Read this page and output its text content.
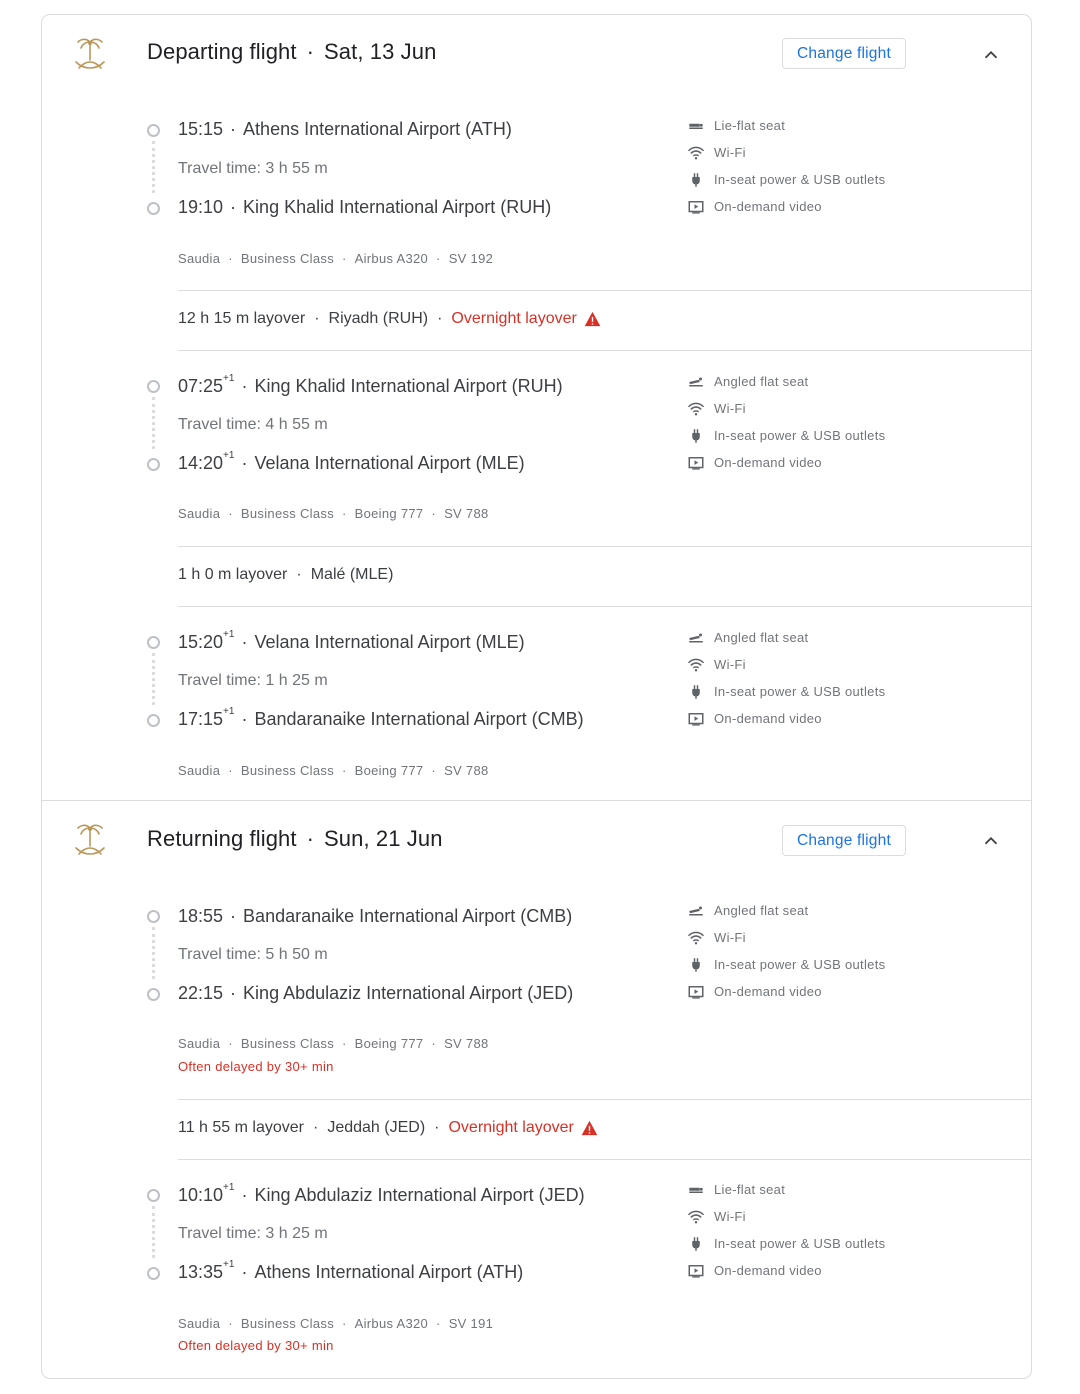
Departing flight · Sat, 13 Jun	Change flight
15:15 · Athens International Airport (ATH)
Travel time: 3 h 55 m
19:10 · King Khalid International Airport (RUH)
Saudia · Business Class · Airbus A320 · SV 192
Lie-flat seat
Wi-Fi
In-seat power & USB outlets
On-demand video
12 h 15 m layover · Riyadh (RUH) · Overnight layover
$07:25^{+1}$ · King Khalid International Airport (RUH)
Travel time: 4 h 55 m
$14:20^{+1}$ · Velana International Airport (MLE)
Saudia · Business Class · Boeing 777 · SV 788
Angled flat seat
Wi-Fi
In-seat power & USB outlets
On-demand video
1 h 0 m layover · Malé (MLE)
$15:20^{+1}$ · Velana International Airport (MLE)
Travel time: 1 h 25 m
$17:15^{+1}$ · Bandaranaike International Airport (CMB)
Saudia · Business Class · Boeing 777 · SV 788
Angled flat seat
Wi-Fi
In-seat power & USB outlets
On-demand video
Returning flight · Sun, 21 Jun	Change flight
18:55 · Bandaranaike International Airport (CMB)
Travel time: 5 h 50 m
22:15 · King Abdulaziz International Airport (JED)
Saudia · Business Class · Boeing 777 · SV 788
Often delayed by 30+ min
Angled flat seat
Wi-Fi
In-seat power & USB outlets
On-demand video
11 h 55 m layover · Jeddah (JED) · Overnight layover
$10:10^{+1}$ · King Abdulaziz International Airport (JED)
Travel time: 3 h 25 m
$13:35^{+1}$ · Athens International Airport (ATH)
Saudia · Business Class · Airbus A320 · SV 191
Often delayed by 30+ min
Lie-flat seat
Wi-Fi
In-seat power & USB outlets
On-demand video
